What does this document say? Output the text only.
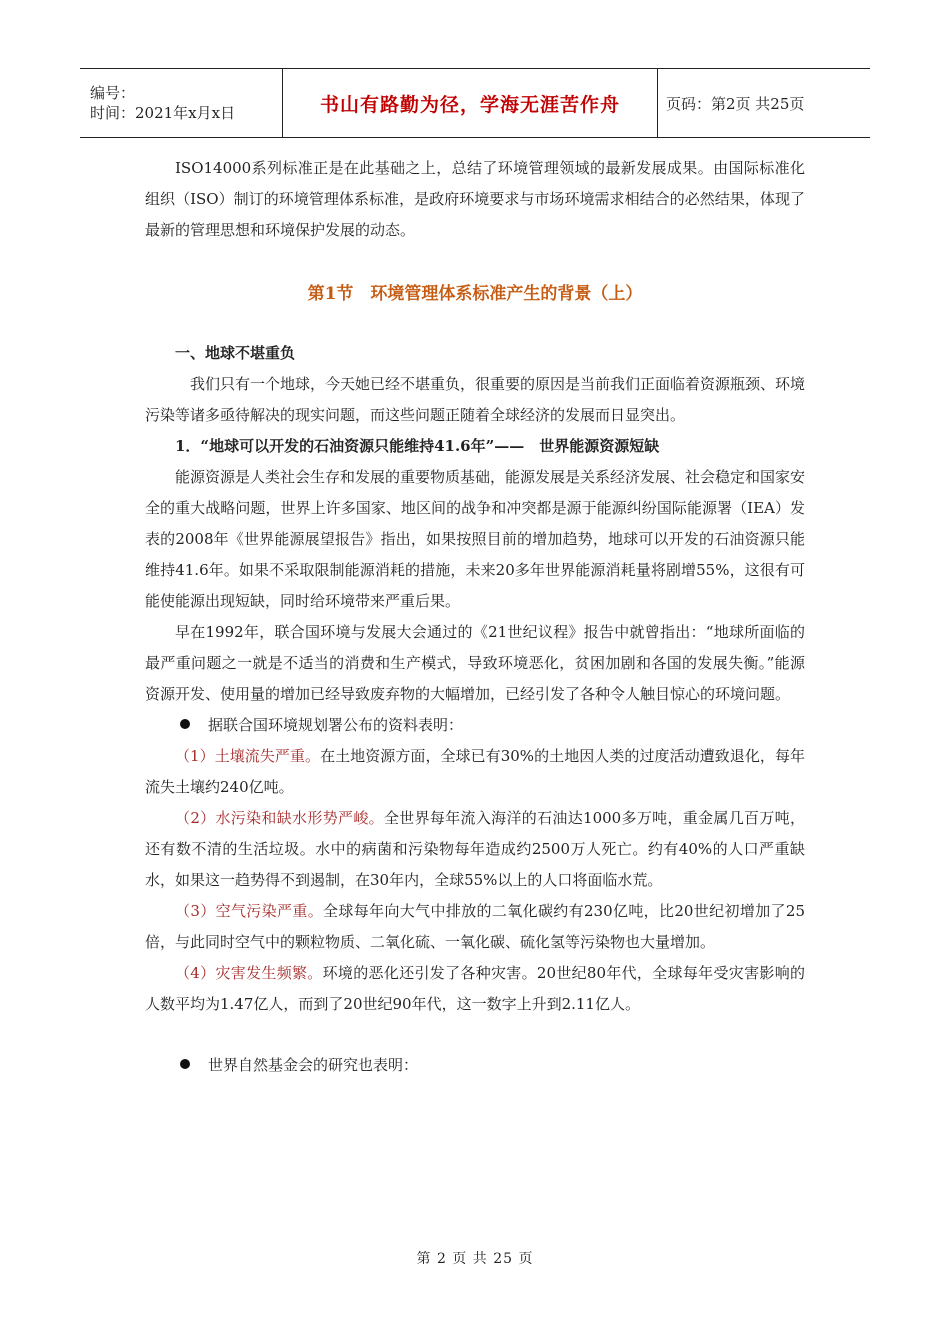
编号：
时间：2021年x月x日	书山有路勤为径，学海无涯苦作舟	页码：第2页 共25页
ISO14000系列标准正是在此基础之上，总结了环境管理领域的最新发展成果。由国际标准化组织（ISO）制订的环境管理体系标准，是政府环境要求与市场环境需求相结合的必然结果，体现了最新的管理思想和环境保护发展的动态。
第1节　环境管理体系标准产生的背景（上）

一、地球不堪重负

我们只有一个地球，今天她已经不堪重负，很重要的原因是当前我们正面临着资源瓶颈、环境污染等诸多亟待解决的现实问题，而这些问题正随着全球经济的发展而日显突出。

1．“地球可以开发的石油资源只能维持41.6年”——　世界能源资源短缺

能源资源是人类社会生存和发展的重要物质基础，能源发展是关系经济发展、社会稳定和国家安全的重大战略问题，世界上许多国家、地区间的战争和冲突都是源于能源纠纷国际能源署（IEA）发表的2008年《世界能源展望报告》指出，如果按照目前的增加趋势，地球可以开发的石油资源只能维持41.6年。如果不采取限制能源消耗的措施，未来20多年世界能源消耗量将剧增55%，这很有可能使能源出现短缺，同时给环境带来严重后果。

早在1992年，联合国环境与发展大会通过的《21世纪议程》报告中就曾指出：“地球所面临的最严重问题之一就是不适当的消费和生产模式，导致环境恶化，贫困加剧和各国的发展失衡。”能源资源开发、使用量的增加已经导致废弃物的大幅增加，已经引发了各种令人触目惊心的环境问题。

据联合国环境规划署公布的资料表明：

（1）土壤流失严重。在土地资源方面，全球已有30%的土地因人类的过度活动遭致退化，每年流失土壤约240亿吨。

（2）水污染和缺水形势严峻。全世界每年流入海洋的石油达1000多万吨，重金属几百万吨，还有数不清的生活垃圾。水中的病菌和污染物每年造成约2500万人死亡。约有40%的人口严重缺水，如果这一趋势得不到遏制，在30年内，全球55%以上的人口将面临水荒。

（3）空气污染严重。全球每年向大气中排放的二氧化碳约有230亿吨，比20世纪初增加了25倍，与此同时空气中的颗粒物质、二氧化硫、一氧化碳、硫化氢等污染物也大量增加。

（4）灾害发生频繁。环境的恶化还引发了各种灾害。20世纪80年代，全球每年受灾害影响的人数平均为1.47亿人，而到了20世纪90年代，这一数字上升到2.11亿人。

世界自然基金会的研究也表明：

第 2 页 共 25 页
